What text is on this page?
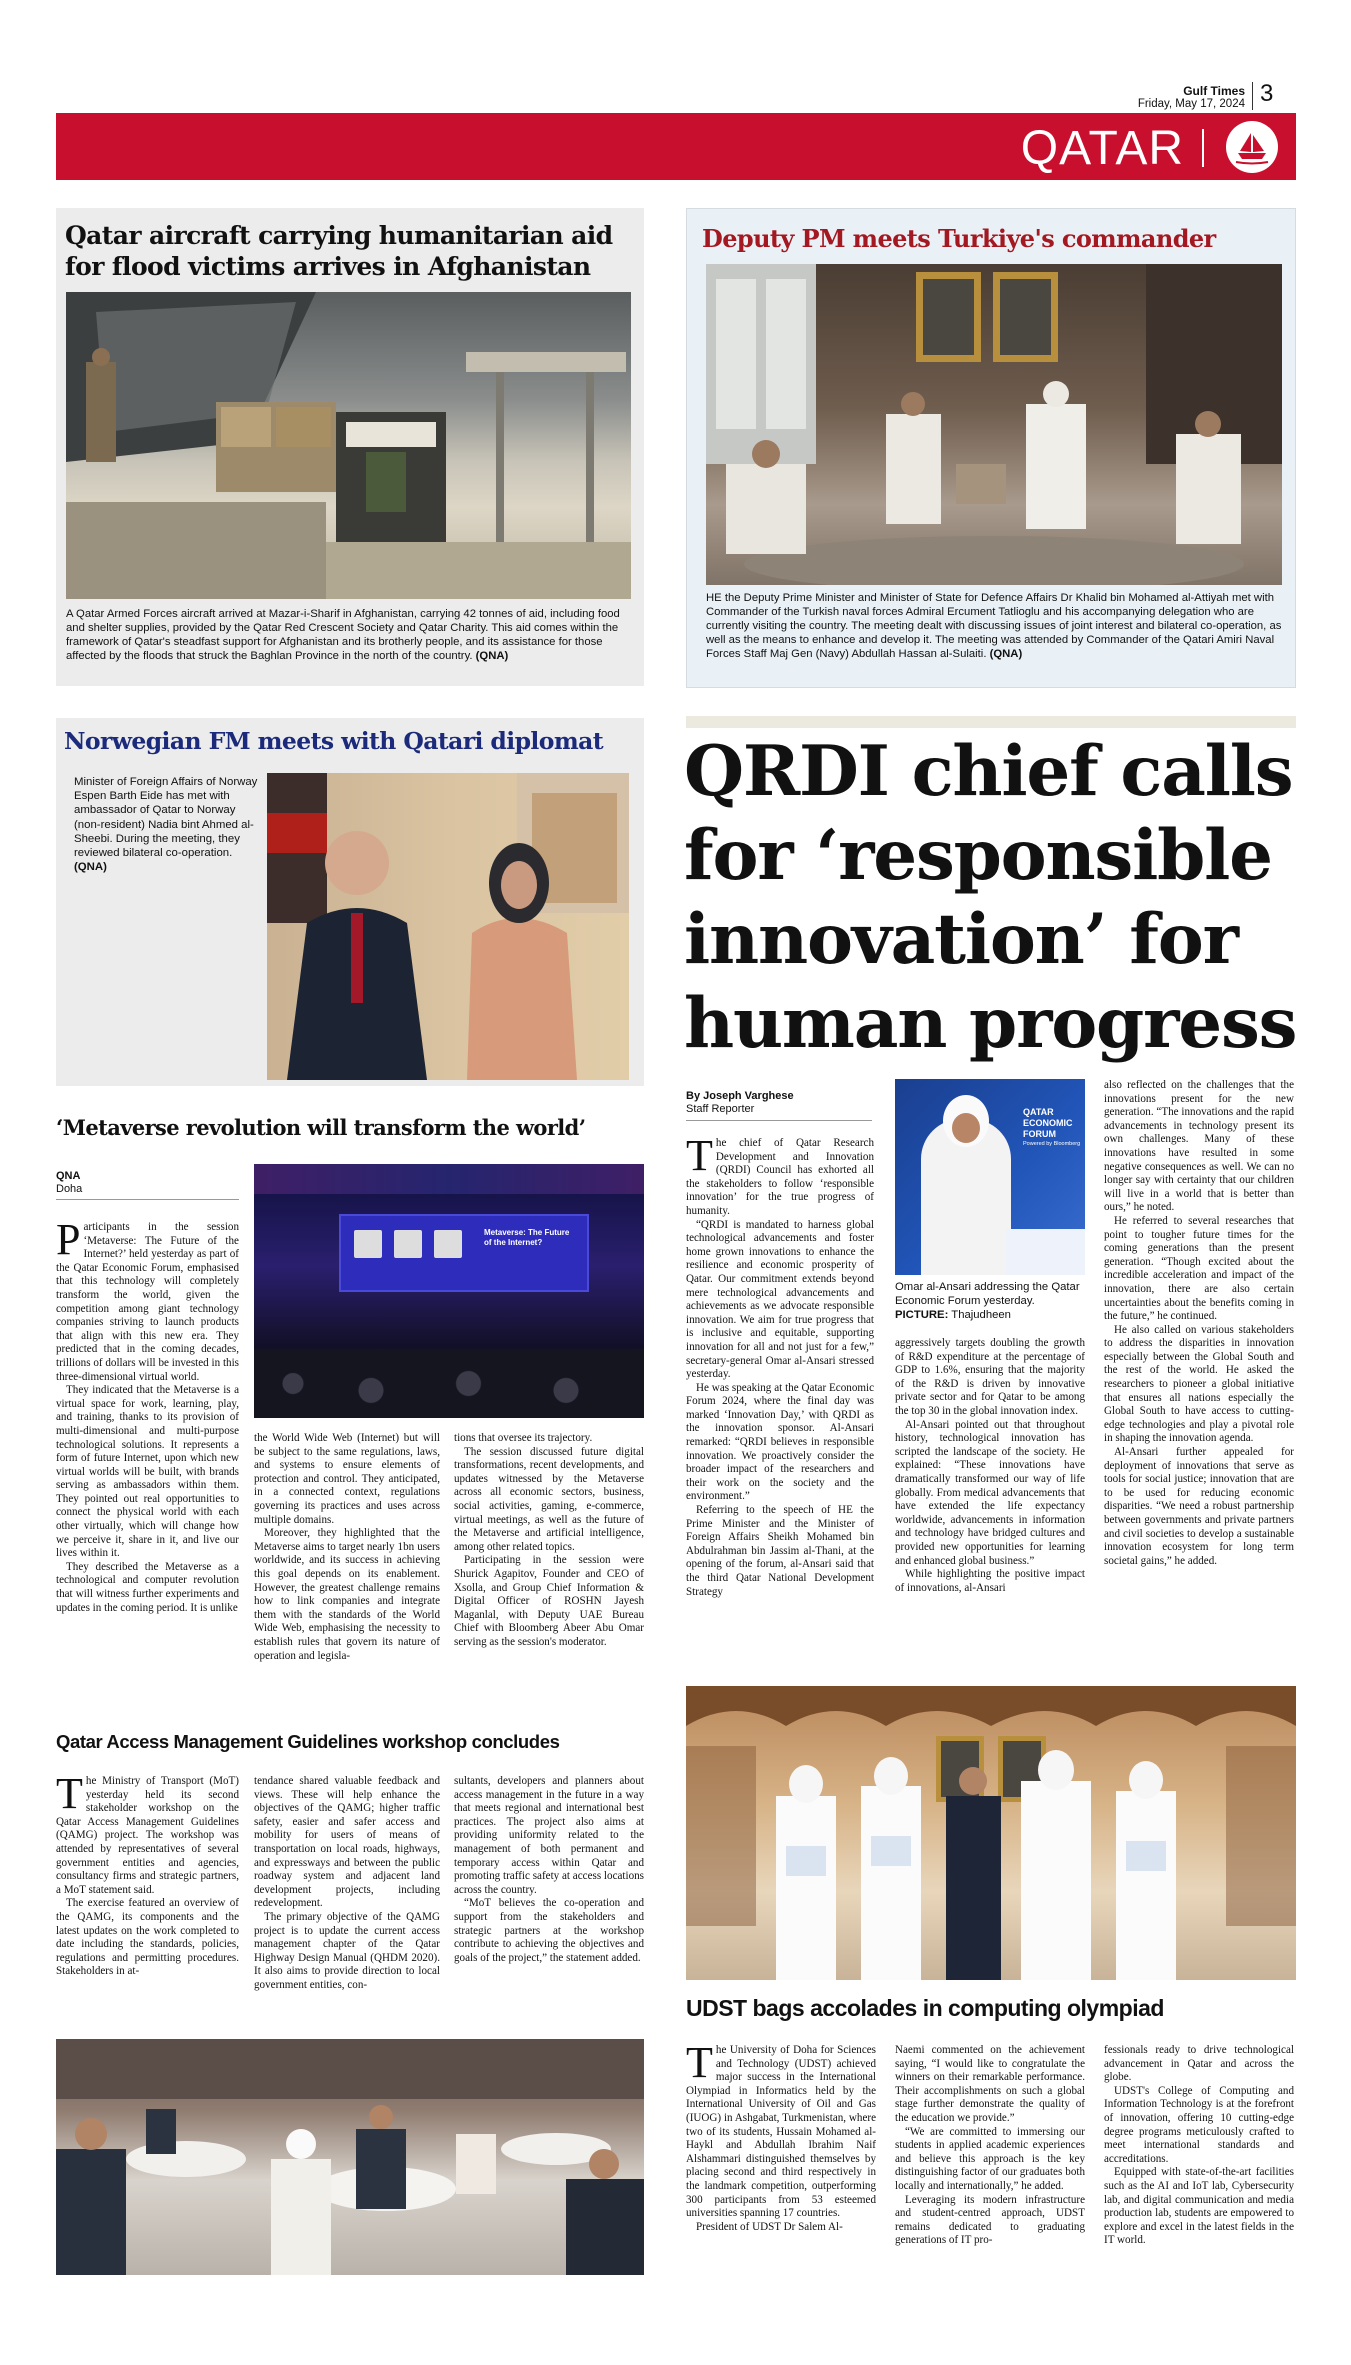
Gulf Times
Friday, May 17, 2024 3
QATAR
Qatar aircraft carrying humanitarian aid for flood victims arrives in Afghanistan
A Qatar Armed Forces aircraft arrived at Mazar-i-Sharif in Afghanistan, carrying 42 tonnes of aid, including food and shelter supplies, provided by the Qatar Red Crescent Society and Qatar Charity. This aid comes within the framework of Qatar's steadfast support for Afghanistan and its brotherly people, and its assistance for those affected by the floods that struck the Baghlan Province in the north of the country. (QNA)
Deputy PM meets Turkiye's commander
HE the Deputy Prime Minister and Minister of State for Defence Affairs Dr Khalid bin Mohamed al-Attiyah met with Commander of the Turkish naval forces Admiral Ercument Tatlioglu and his accompanying delegation who are currently visiting the country. The meeting dealt with discussing issues of joint interest and bilateral co-operation, as well as the means to enhance and develop it. The meeting was attended by Commander of the Qatari Amiri Naval Forces Staff Maj Gen (Navy) Abdullah Hassan al-Sulaiti. (QNA)
Norwegian FM meets with Qatari diplomat
Minister of Foreign Affairs of Norway Espen Barth Eide has met with ambassador of Qatar to Norway (non-resident) Nadia bint Ahmed al-Sheebi. During the meeting, they reviewed bilateral co-operation. (QNA)
QRDI chief calls for ‘responsible innovation’ for human progress
By Joseph Varghese
Staff Reporter

The chief of Qatar Research Development and Innovation (QRDI) Council has exhorted all the stakeholders to follow ‘responsible innovation’ for the true progress of humanity.

“QRDI is mandated to harness global technological advancements and foster home grown innovations to enhance the resilience and economic prosperity of Qatar. Our commitment extends beyond mere technological advancements and achievements as we advocate responsible innovation. We aim for true progress that is inclusive and equitable, supporting innovation for all and not just for a few,” secretary-general Omar al-Ansari stressed yesterday.

He was speaking at the Qatar Economic Forum 2024, where the final day was marked ‘Innovation Day,’ with QRDI as the innovation sponsor. Al-Ansari remarked: “QRDI believes in responsible innovation. We proactively consider the broader impact of the researchers and their work on the society and the environment.”

Referring to the speech of HE the Prime Minister and the Minister of Foreign Affairs Sheikh Mohamed bin Abdulrahman bin Jassim al-Thani, at the opening of the forum, al-Ansari said that the third Qatar National Development Strategy

QATAR
ECONOMIC
FORUM
Powered by Bloomberg
Omar al-Ansari addressing the Qatar Economic Forum yesterday. PICTURE: Thajudheen

aggressively targets doubling the growth of R&D expenditure at the percentage of GDP to 1.6%, ensuring that the majority of the R&D is driven by innovative private sector and for Qatar to be among the top 30 in the global innovation index.

Al-Ansari pointed out that throughout history, technological innovation has scripted the landscape of the society. He explained: “These innovations have dramatically transformed our way of life globally. From medical advancements that have extended the life expectancy worldwide, advancements in information and technology have bridged cultures and provided new opportunities for learning and enhanced global business.”

While highlighting the positive impact of innovations, al-Ansari

also reflected on the challenges that the innovations present for the new generation. “The innovations and the rapid advancements in technology present its own challenges. Many of these innovations have resulted in some negative consequences as well. We can no longer say with certainty that our children will live in a world that is better than ours,” he noted.

He referred to several researches that point to tougher future times for the coming generations than the present generation. “Though excited about the incredible acceleration and impact of the innovation, there are also certain uncertainties about the benefits coming in the future,” he continued.

He also called on various stakeholders to address the disparities in innovation especially between the Global South and the rest of the world. He asked the researchers to pioneer a global initiative that ensures all nations especially the Global South to have access to cutting-edge technologies and play a pivotal role in shaping the innovation agenda.

Al-Ansari further appealed for deployment of innovations that serve as tools for social justice; innovation that are to be used for reducing economic disparities. “We need a robust partnership between governments and private partners and civil societies to develop a sustainable innovation ecosystem for long term societal gains,” he added.

‘Metaverse revolution will transform the world’
QNA
Doha

Participants in the session ‘Metaverse: The Future of the Internet?’ held yesterday as part of the Qatar Economic Forum, emphasised that this technology will completely transform the world, given the competition among giant technology companies striving to launch products that align with this new era. They predicted that in the coming decades, trillions of dollars will be invested in this three-dimensional virtual world.

They indicated that the Metaverse is a virtual space for work, learning, play, and training, thanks to its provision of multi-dimensional and multi-purpose technological solutions. It represents a form of future Internet, upon which new virtual worlds will be built, with brands serving as ambassadors within them. They pointed out real opportunities to connect the physical world with each other virtually, which will change how we perceive it, share in it, and live our lives within it.

They described the Metaverse as a technological and computer revolution that will witness further experiments and updates in the coming period. It is unlike

Metaverse: The Future of the Internet?

the World Wide Web (Internet) but will be subject to the same regulations, laws, and systems to ensure elements of protection and control. They anticipated, in a connected context, regulations governing its practices and uses across multiple domains.

Moreover, they highlighted that the Metaverse aims to target nearly 1bn users worldwide, and its success in achieving this goal depends on its enablement. However, the greatest challenge remains how to link companies and integrate them with the standards of the World Wide Web, emphasising the necessity to establish rules that govern its nature of operation and legisla-

tions that oversee its trajectory.

The session discussed future digital transformations, recent developments, and updates witnessed by the Metaverse across all economic sectors, business, social activities, gaming, e-commerce, virtual meetings, as well as the future of the Metaverse and artificial intelligence, among other related topics.

Participating in the session were Shurick Agapitov, Founder and CEO of Xsolla, and Group Chief Information & Digital Officer of ROSHN Jayesh Maganlal, with Deputy UAE Bureau Chief with Bloomberg Abeer Abu Omar serving as the session's moderator.

Qatar Access Management Guidelines workshop concludes

The Ministry of Transport (MoT) yesterday held its second stakeholder workshop on the Qatar Access Management Guidelines (QAMG) project. The workshop was attended by representatives of several government entities and agencies, consultancy firms and strategic partners, a MoT statement said.

The exercise featured an overview of the QAMG, its components and the latest updates on the work completed to date including the standards, policies, regulations and permitting procedures. Stakeholders in at-

tendance shared valuable feedback and views. These will help enhance the objectives of the QAMG; higher traffic safety, easier and safer access and mobility for users of means of transportation on local roads, highways, and expressways and between the public roadway system and adjacent land development projects, including redevelopment.

The primary objective of the QAMG project is to update the current access management chapter of the Qatar Highway Design Manual (QHDM 2020). It also aims to provide direction to local government entities, con-

sultants, developers and planners about access management in the future in a way that meets regional and international best practices. The project also aims at providing uniformity related to the management of both permanent and temporary access within Qatar and promoting traffic safety at access locations across the country.

“MoT believes the co-operation and support from the stakeholders and strategic partners at the workshop contribute to achieving the objectives and goals of the project,” the statement added.

UDST bags accolades in computing olympiad

The University of Doha for Sciences and Technology (UDST) achieved major success in the International Olympiad in Informatics held by the International University of Oil and Gas (IUOG) in Ashgabat, Turkmenistan, where two of its students, Hussain Mohamed al-Haykl and Abdullah Ibrahim Naif Alshammari distinguished themselves by placing second and third respectively in the landmark competition, outperforming 300 participants from 53 esteemed universities spanning 17 countries.

President of UDST Dr Salem Al-

Naemi commented on the achievement saying, “I would like to congratulate the winners on their remarkable performance. Their accomplishments on such a global stage further demonstrate the quality of the education we provide.”

“We are committed to immersing our students in applied academic experiences and believe this approach is the key distinguishing factor of our graduates both locally and internationally,” he added.

Leveraging its modern infrastructure and student-centred approach, UDST remains dedicated to graduating generations of IT pro-

fessionals ready to drive technological advancement in Qatar and across the globe.

UDST's College of Computing and Information Technology is at the forefront of innovation, offering 10 cutting-edge degree programs meticulously crafted to meet international standards and accreditations.

Equipped with state-of-the-art facilities such as the AI and IoT lab, Cybersecurity lab, and digital communication and media production lab, students are empowered to explore and excel in the latest fields in the IT world.
